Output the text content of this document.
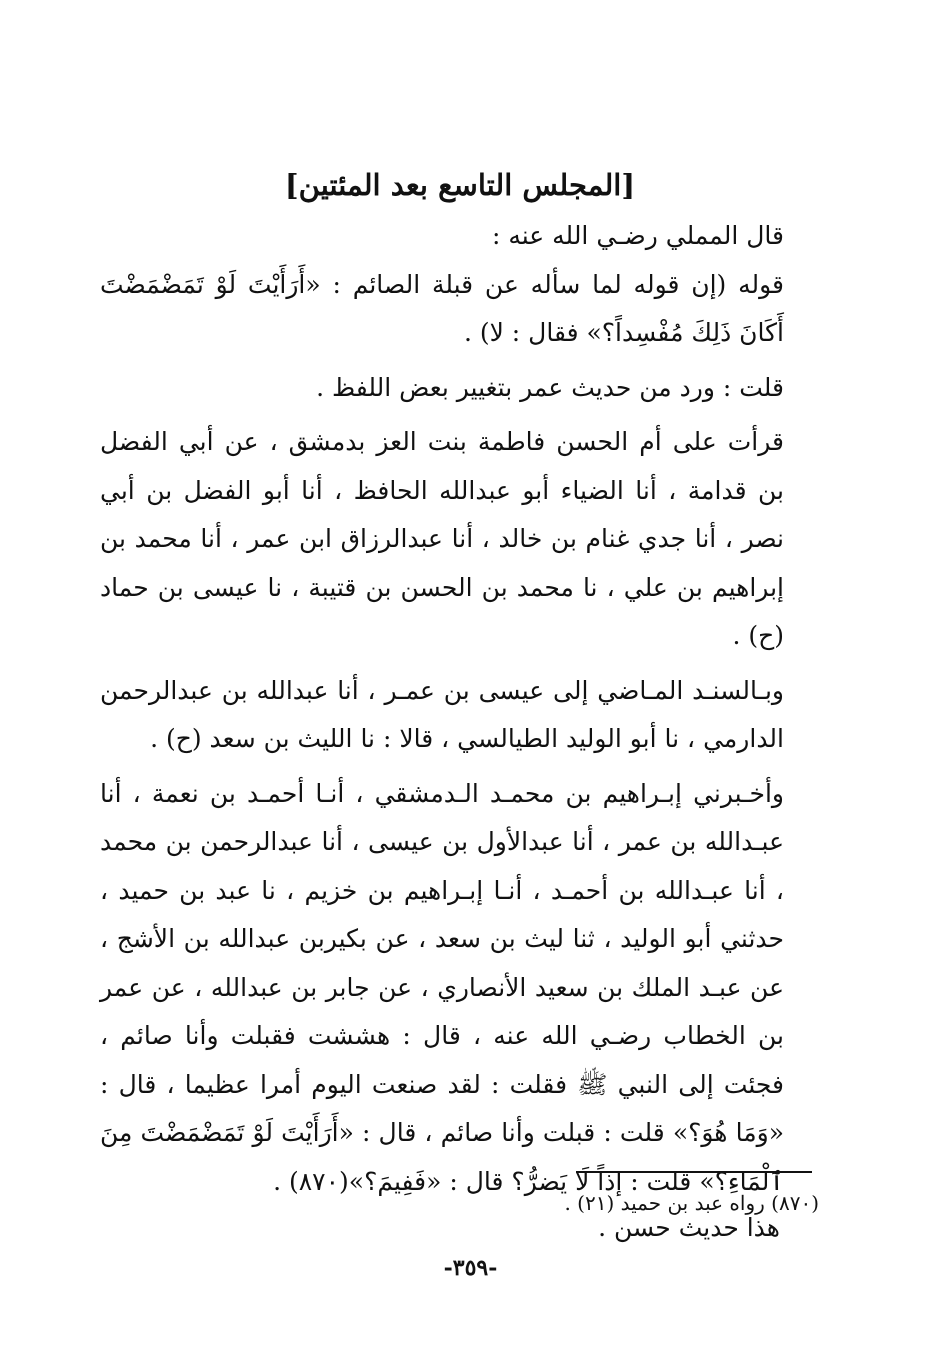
[المجلس التاسع بعد المئتين]

قال المملي رضـي الله عنه :

قوله (إن قوله لما سأله عن قبلة الصائم : «أَرَأَيْتَ لَوْ تَمَضْمَضْتَ أَكَانَ ذَلِكَ مُفْسِداً؟» فقال : لا) .

قلت : ورد من حديث عمر بتغيير بعض اللفظ .

قرأت على أم الحسن فاطمة بنت العز بدمشق ، عن أبي الفضل بن قدامة ، أنا الضياء أبو عبدالله الحافظ ، أنا أبو الفضل بن أبي نصر ، أنا جدي غنام بن خالد ، أنا عبدالرزاق ابن عمر ، أنا محمد بن إبراهيم بن علي ، نا محمد بن الحسن بن قتيبة ، نا عيسى بن حماد (ح) .

وبـالسنـد المـاضي إلى عيسى بن عمـر ، أنا عبدالله بن عبدالرحمن الدارمي ، نا أبو الوليد الطيالسي ، قالا : نا الليث بن سعد (ح) .

وأخـبرني إبـراهيم بن محمـد الـدمشقي ، أنـا أحمـد بن نعمة ، أنا عبـدالله بن عمر ، أنا عبدالأول بن عيسى ، أنا عبدالرحمن بن محمد ، أنا عبـدالله بن أحمـد ، أنـا إبـراهيم بن خزيم ، نا عبد بن حميد ، حدثني أبو الوليد ، ثنا ليث بن سعد ، عن بكيربن عبدالله بن الأشج ، عن عبـد الملك بن سعيد الأنصاري ، عن جابر بن عبدالله ، عن عمر بن الخطاب رضـي الله عنه ، قال : هششت فقبلت وأنا صائم ، فجئت إلى النبي ﷺ فقلت : لقد صنعت اليوم أمرا عظيما ، قال : «وَمَا هُوَ؟» قلت : قبلت وأنا صائم ، قال : «أَرَأَيْتَ لَوْ تَمَضْمَضْتَ مِنَ ٱلْمَاءِ؟» قلت : إذاً لَا يَضرُّ؟ قال : «فَفِيمَ؟»(٨٧٠) .

هذا حديث حسن .

(٨٧٠) رواه عبد بن حميد (٢١) .
-٣٥٩-
